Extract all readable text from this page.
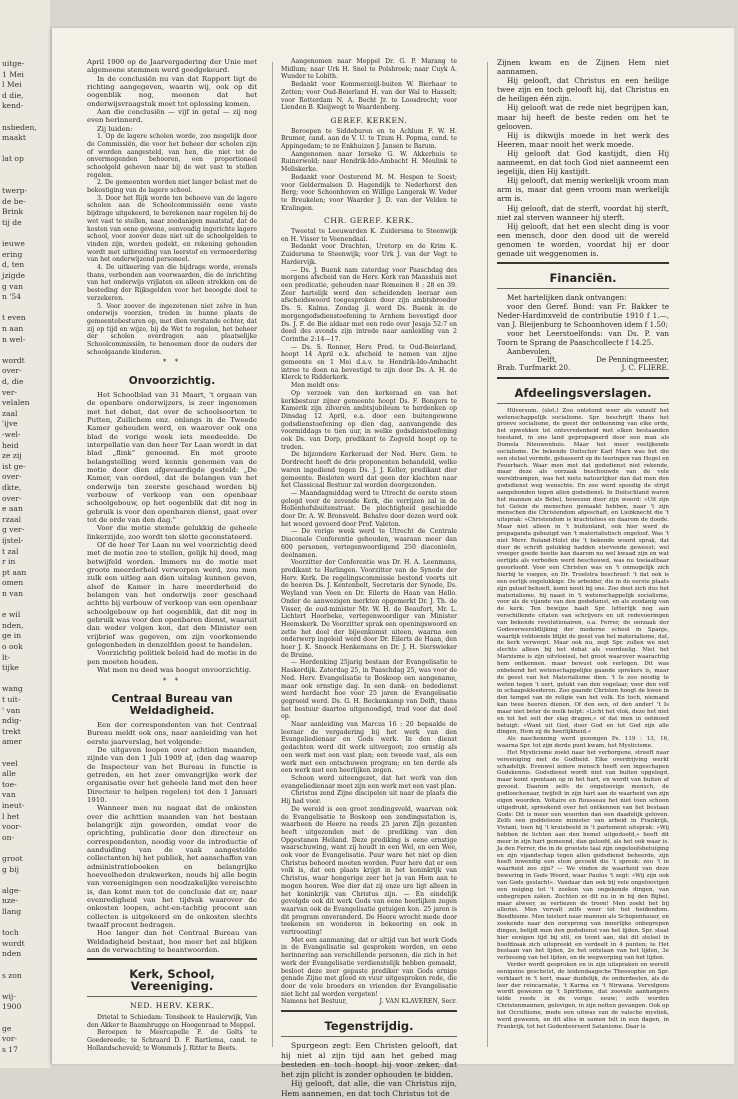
uitge-
1 Mei
l Mei
d die,
kend-
nsbeden,
maakt
lat op
twerp-
de be-
Brink
tij de
ieuwe
ering
d, ten
jzigde
g van
n '54
t even
n aan
n wel-
wordt
over-
d, die
ver-
velalen
zaal
'ijve
-wel-
heid
ze zij
ist ge-
over-
dkte,
over-
e aan
rzaal
g ver-
ijstel-
t zal
r in
pt aan
omen
n van
e wil
nden,
ge in
o ook
lt-
tijke
wang
t uit-
' van
ndig-
trekt
amer
veel
alle
toe-
van
ineut-
l het
voor-
on-
groot
g bij
alge-
nze-
llang
toch
wordt
nden
s zon
wij-
1900
ge
vor-
s 17

April 1900 op de Jaarvergadering der Unie met algemeene stemmen werd goedgekeurd.

In de conclusiën nu van dat Rapport ligt de richting aangegeven, waarin wij, ook op dit oogenblik nog, meenen dat het onderwijsvraagstuk moet tot oplossing komen.

Aan die conclusiën — vijf in getal — zij nog even herinnerd.

Zij luiden:

1. Op de lagere scholen worde, zoo mogelijk door de Commissiën, die voor het beheer der scholen zijn of worden aangesteld, van hen, die niet tot de onvermogenden behooren, een proportioneel schoolgeld geheven naar bij de wet vast te stellen regelen.

2. De gemeenten worden niet langer belast met de bekostiging van de lagere school.

3. Door het Rijk worde ten behoeve van de lagere scholen aan de Schoolcommissiën eene vaste bijdrage uitgekeerd, te berekenen naar regelen bij de wet vast te stellen, naar zoodanigen maatstaf, dat de kosten van eene gewone, eenvoudig ingerichte lagere school, voor zoover deze niet uit de schoolgelden te vinden zijn, worden gedekt, en rekening gehouden wordt met uitbreiding van leerstof en vermeerdering van het onderwijzend personeel.

4. De uitkeering van die bijdrage worde, evenals thans, verbonden aan voorwaarden, die de inrichting van het onderwijs vrijlaten en alleen strekken om de besteding der Rijksgelden voor het beoogde doel te verzekeren.

5. Voor zoover de ingezetenen niet zelve in hun onderwijs voorzien, treden in hunne plaats de gemeentebesturen op, met dien verstande echter, dat zij op tijd en wijze, bij de Wet te regelen, het beheer der scholen overdragen aan plaatselijke Schoolcommissiën, te benoemen door de ouders der schoolgaande kinderen.

* *
Onvoorzichtig.

Het Schoolblad van 31 Maart, 't orgaan van de openbare onderwijzers, is zeer ingenomen met het debat, dat over de schoolsoorten te Putten, Zuilichem enz. onlangs in de Tweede Kamer gehouden werd, en waarover ook ons blad de vorige week iets meedeelde. De interpellatie van den heer Ter Laan wordt in dat blad „flink” genoemd. En met groote belangstelling werd kennis genomen van de motie door dien afgevaardigde gesteld: „De Kamer, van oordeel, dat de belangen van het onderwijs ten zeerste geschaad worden bij verbouw of verkoop van een openbaar schoolgebouw, op het oogenblik dat dit nog in gebruik is voor den openbaren dienst, gaat over tot de orde van den dag.”

Voor die motie stemde gelukkig de geheele linkerzijde, zoo wordt ten slotte geconstateerd.

Of de heer Ter Laan nu wel voorzichtig deed met de motie zoo te stellen, gelijk hij deed, mag betwijfeld worden. Immers nu de motie met groote meerderheid verworpen werd, zou men zulk een uitleg aan dien uitslag kunnen geven, alsof de Kamer in hare meerderheid de belangen van het onderwijs zeer geschaad achtte bij verbouw of verkoop van een openbaar schoolgebouw op het oogenblik, dat dit nog in gebruik was voor den openbaren dienst, waaruit dan weder volgen kon, dat den Minister een vrijbrief was gegeven, om zijn voorkomende gelegenheden in denzelfden geest te handelen.

Voorzichtig politiek beleid had de motie in de pen moeten houden.

Wat men nu deed was hoogst onvoorzichtig.

* *
Centraal Bureau van Weldadigheid.

Een der correspondenten van het Centraal Bureau meldt ook ons, naar aanleiding van het eerste jaarverslag, het volgende:

De uitgaven loopen over achtien maanden, zijnde van den 1 Juli 1909 af, (den dag waarop de Inspecteur van het Bureau in functie is getreden, en het zeer omvangrijke werk der organisatie over het geheele land met den heer Directeur te helpen regelen) tot den 1 Januari 1910.

Wanneer men nu nagaat dat de onkosten over die achttien maanden van het bestaan belangrijk zijn geworden, omdat voor de oprichting, publicatie door den directeur en correspondenten, noodig voor de introductie of aanduiding van de vaak aangestelde collectanten bij het publiek, het aanschaffen van administratieboeken en belangrijke hoeveelheden drukwerken, nouds bij alle begin van vereenigingen een noodzakelijke vereischte is, dan komt men tot de conclusie dat er, naar evenredigheid van het tijdvak waarover de onkosten loopen, acht-en-tachtig procent aan collecten is uitgekeerd en de onkosten slechts twaalf procent bedragen.

Hoe langer dan het Centraal Bureau van Weldadigheid bestaat, hoe meer het zal blijken aan de verwachting te beantwoorden.

Kerk, School, Vereeniging.
NED. HERV. KERK.

Drietal te Schiedam: Tonsbeek te Haulerwijk, Van den Akker te Baambrugge en Hoogenraad te Meppel.

Beroepen te Meercapelle F. de Golts te Goedereede; te Schraard D. F. Bartlema, cand. te Hollandscheveld; te Wommels J. Ritter te Beets.

Aangenomen naar Meppel Dr. G. P. Marang te Midlum; naar Urk H. Snel te Polsbroek; naar Cuyk A. Wunder te Lobith.

Bedankt voor Kommerzeijl-buiten W. Bierhaar te Zetten; voor Oud-Beierland H. van der Wal te Hasselt; voor Rotterdam N. A. Becht Jr. te Loosdrecht; voor Lienden B. Kleijwegt te Waardenberg.

GEREF. KERKEN.

Beroepen te Siddeburen en te Achlum F. W. H. Brumer, cand. aan de V. U. te Tzum H. Popma, cand. te Appingedam; te ze Enkhuizen J. Jansen te Barum.

Aangenomen naar Ierseke G. W. Akkerhuis te Ruinerwold; naar Hendrik-Ido-Ambacht H. Meulink te Meliskerke.

Bedankt voor Oosterend M. M. Hespen te Soest; voor Geldermalsen D. Hagendijk te Nederhorst den Berg; voor Schoonhoven en Willige Langerak W. Veder te Breukelen; voor Waarder J. D. van der Velden te Kralingen.

CHR. GEREF. KERK.

Tweetal te Leeuwarden K. Zuidersma te Steenwijk en H. Visser te Veenendaal.

Bedankt voor Drachten, Uretorp en de Krim K. Zuidersma te Steenwijk; voor Urk J. van der Vegt te Hardervijk.

— Ds. J. Buenk nam zaterdag voor Paaschdag des morgens afscheid van de Herv. Kerk van Maassluis met een predicatie, gehouden naar Romeinen 8 : 28 en 39. Zeer hartelijk werd den scheidenden leeraar een afscheidswoord toegesproken door zijn ambtsbroeder Ds. S. Kalma. Zondag jl. werd Ds. Buenk in de morgengodsdienstoefening te Arnhem bevestigd door Ds. J. F. de Bie aldaar met een rede over Jesaja 52:7 en deed des avonds zijn intrede naar aanleiding van 2 Corinthe 2:14—17.

— Ds. S. Ronner, Herv. Pred. te Oud-Beierland, hoopt 14 April e.k. afscheid te nemen van zijne gemeente en 1 Mei d.a.v. te Hendrik-Ido-Ambacht intree te doen na bevestigd te zijn door Ds. A. H. de Klerck te Ridderkerk.

Men meldt ons:

Op verzoek van den kerkeraad en van het kerkbestuur zijner gemeente hoopt Ds. F. Bongers te Kamerik zijn zilveren ambtsjubileum te herdenken op Dinsdag 12 April, e.a. door een buitengewone godsdienstoefening op dien dag, aanvangende des voormiddags te tien uur, in welke godsdienstoefening ook Ds. van Dorp, predikant te Zegveld hoopt op te treden.

De bijzondere Kerkeraad der Ned. Herv. Gem. te Dordrecht heeft de drie proponenten behandeld, welke waren ingediend tegen Ds. J. J. Keller, predikant dier gemeente. Besloten werd dat geen der klachten naar het Classicaal Bestuur zal worden doorgezonden.

— Maandagmiddag werd te Utrecht de eerste steen gelegd voor de zevende Kerk, die verrijzen zal in de Hollenhofsbuitenstraat. De plechtigheid geschiedde door Dr. A. W. Bronsveld. Behalve door dezen werd ook het woord gevoerd door Prof. Valeton.

— De vorige week werd te Utrecht de Centrale Diaconale Conferentie gehouden, waaraan meer dan 600 personen, vertegenwoordigend 250 diaconieën, deelnamen.

Voorzitter der Conferentie was Dr. H. A. Leenmans, predikant te Harlingen. Voorzitter van de Synode der Herv. Kerk. De regelingscommissie bestond voorts uit de heeren Ds. J. Kentenbelt, Secretaris der Synode, Ds. Weyland van Veen en Dr. Eilerts de Haan van Hello. Onder de aanwezigen merkten opgemerkt Dr. J. Th. de Visser, de oud-minister Mr. W. H. de Beaufort, Mr. L. Lichtert Hoorbeke, vertegenwoordiger van Minister Heemskerk. De Voorzitter sprak een openingswoord en zette het doel der bijeenkomst uiteen, waarna een onderwerp ingeleid werd door Dr. Eilerts de Haan, den heer J. K. Snoeck Henkemans en Dr. J. H. Sierswieker de Bruine.

— Herdenking 25jarig bestaan der Evangelisatie te Haskerdijk. Zaterdag 25, in Paaschdag 25, was voor de Ned. Herv. Evangelisatie te Boskoop een aangename, maar ook ernstige dag. In een dank- en bededienst werd herdacht hoe voor 25 jaren de Evangelisatie gegroeid werd. Ds. G. H. Beckenkamp van Delft, thans het bestuur daartoe uitgenoodigd, trad voor dat doel op.

Naar aanleiding van Marcus 16 : 20 bepaalde de leeraar de vergadering bij het werk van den Evangeliedienaar en Gods werk. In den dienst gedachten werd dit werk uitvergoot; zoo ernstig als een werk met een vast plan; een tweede vast, als een werk met een ontschuwen program; en ten derde als een werk met een heerlijken zegen.

Schoon werd uiteengezet, dat het werk van den evangeliedienaar moet zijn een werk met een vast plan.

Christus zend Zijne discipelen uit naar de plaats die Hij had voor.

De wereld is een groot zendingsveld, waarvan ook de Evangelisatie te Boskoop een zendingsstation is, waarheen de Heere na reeds 25 jaren Zijn gezanten heeft uitgezonden met de prediking van den Opgestanen Heiland. Deze prediking is eene ernstige waarschuwing, want zij houdt in een Wel, en een Wee, ook voor de Evangelisatie. Puur ware het niet op dien Christus behoord moeten worden. Puur here dat er een volk is, dat een plaats krijgt in het koninkrijk van Christus, waar hongerige zeer het ja van Hem aan te mogen hooren. Wee dier dat zij onze ure ligt alleen in het koninkrijk van Christus zijn. — En eindelijk gevolgde ook dit werk Gods van eene heerlijken zegen waarvan ook de Evangelisatie getuigen kon. 25 jaren is dit program onveranderd. De Heere wrocht mede door teekenen en wonderen in bekeering en ook in vertroosting!

Met een aanmaning, dat er altijd van het werk Gods in de Evangelisatie sal gesproken worden, en eene herinnering aan verschillende personen, die zich in het werk der Evangelisatie verdienstelijk hebben gemaakt, besloot deze zeer gepaste prediker van Gods ernige genade Zijne met gloed en vuur uitgesproken rede, die door de vele broeders en vrienden der Evangelisatie niet licht zal worden vergeten!

Namens het Bestuur,	J. VAN KLAVEREN, Secr.
Tegenstrijdig.

Spurgeon zegt: Een Christen gelooft, dat hij niet al zijn tijd aan het gebed mag besteden en toch hoopt hij voor zeker, dat het zijn plicht is zonder ophouden te bidden.

Hij gelooft, dat alle, die van Christus zijn, Hem aannemen, en dat toch Christus tot de

Zijnen kwam en de Zijnen Hem niet aannamen.

Hij gelooft, dat Christus en een heilige twee zijn en toch gelooft hij, dat Christus en de heiligen één zijn.

Hij gelooft wat de rede niet begrijpen kan, maar hij heeft de beste reden om het te gelooven.

Hij is dikwijls moede in het werk des Heeren, maar nooit het werk moede.

Hij gelooft dat God kastijdt, dien Hij aanneemt, en dat toch God niet aanneemt een iegelijk, dien Hij kastijdt.

Hij gelooft, dat menig werkelijk vroom man arm is, maar dat geen vroom man werkelijk arm is.

Hij gelooft, dat de sterft, voordat hij sterft, niet zal sterven wanneer hij sterft.

Hij gelooft, dat het een slecht ding is voor een mensch, door den dood uit de wereld genomen te worden, voordat hij er door genade uit weggenomen is.

Financiën.

Met hartelijken dank ontvangen:

voor den Geref. Bond: van Fr. Bakker te Neder-Hardinxveld de contributie 1910 f 1.—, van J. Bleijenburg te Schoonhoven idem f 1.50;

voor het Leerstoelfonds: van Ds. P. van Toorn te Sprang de Paaschcollecte f 14.25.

Aanbevolen,

Delft,	De Penningmeester,
Brab. Turfmarkt 20.	J. C. FLIERE.
Afdeelingsverslagen.

Hilversum. (slot.) Zoo ontstond weer als vanzelf het wetenschappelijk socialisme. Spr. beschrijft thans het groeve socialisme, de geest der ontkenning van elke orde, het opwekken tot ontevredenheid met elken bestaanden toestand, in ons land gepropageerd door een man als Domela Nieuwenhuis. Maar het meer veelijkende socialisme. De bekende Duitscher Karl Marx was het die een stelsel vormde, gebaseerd op de leeringen van Hegel en Feuerbach. Waar men met dat godsdienst niet rekende, maar deze als oorzaak beschouwde van de vele wereldrampen, was het niets natuurlijker dan dat men den godsdienst weg wenschte. En zoo werd spoedig de strijd aangebonden tegen allen godsdienst. In Duitschland waren het mannen als Bebel, bewezen door zijn woord: »Uit zijn tot Gelein de menschen gemaakt hebben, naar 't zijn menschen die Christendom afgeschaft, en Liebknecht die 't uitsprak: »Christendom is krachteloos en daarom de doode. Maar niet alleen in 't buitenland, ook hier werd de propaganda gebezigd van 't materialistisch ongeloof. Was 't niet Mevr. Roland-Holst die 't bekende woord sprak, dat door de schrift gelukkig hadden stervende geweest; wel vroeger goede heette kan daarom nu wel kwaad zijn en wat eertijds als verboden werd beschouwd, was nu toelaatbaar geoorloofd. Voor een Christen was en 't onmogelijk zich hierbij te voegen, en Dr. Troelstra beschreef: 't dat ook is een eerlijk ongelukkige. De arbeider, die in de eerste plaats zijn geloof behoeft, komt nooit bij ons. Zoo doet zich dus het materialisme, hij naast in 't wetenschappelijk socialisme, voor als de vijande van den godsdienst, en als zoodanig van de kerk. Ten bewijze haalt Spr. letterlijk nog aan verschillende citaten van schrijvers en uit redevoeringen van bekende revolutionairen, o.a. Ferrer, de oorzaak der Godsverwereldlijking der moderne school in Spanje, waarlijk voldoende blijkt de geest van het materialisme, dat, de kerk verwerpt. Maar ook nu, zegt Spr. zullen we niet slechts alleen bij het debat als voordeelig. Niet het Marxisme is zijn uitvloeisel, het groot waarover waarachtig hem ontkennen. maar bewust ook verlogen. Dit was onbekend het wetenschappelijke gaande sprekers is, maar de geest van het Materialisme dien. 't Is zoo noodig te weten tegen 't eert, gelukt van den vogelaar, voor den volf in schaapskleederen. Zoo gaande Christen hoogt de kwee in den tempel van de religie van het volk. En toch, niemand kan twee heeren dienen. Of den een, of den ander! 't Is maar niet beter de melk helpt: »Licht het vlok, deze het niet en tot het seit der slag dragen,« of dat men in ootmoed betuigt: »Want uit God, door God en tot God zijn alle dingen, Hem zij de heerlijkheid.«

Als naschenning werd gezongen Ps. 119 : 13, 16, waarna Spr. tot zijn derde punt kwam, het Mysticisme.

Het Mysticisme zoekt naar het verborgene, streeft naar vereeniging met de Godheid. Elke overdrijving werkt schadelijk. Evenwel iedere mensch heeft een ingeschapen Godskennis. Godsdienst wordt niet van buiten opgelegd, maar komt spontaan op in het hart, en wordt van buiten af gevoed. Daarom zelfs de ongeloovige mensch, de godloochenaar, twijfelt in zijn hart aan de waarheid van zijn eigen woorden. Voltaire en Rousseau het niet toen schoon uitgedrukt, spreekend over het ontkennen van het bestaan Gods: Dit is meer een woorden dan een daadelijk geloven. Zelfs een goddelooze minister van arbeid in Frankrijk, Viviani, toen hij 't kruisbeeld in 't parlement uitsprak: »Wij hebben de lichten aan den hemel uitgedoofd,« heeft dit meer in zijn hart gemeend, dan geloofd, als het ook waar is. Ja den Ferrer, die in de grootste taal zijn ongeloofsbetuiging en zijn vijandschap tegen allen godsdienst beheerde, zijn heeft inwendig een stem gevoeld die 't spreek: zou 't in waarheid zoo zijn? — We vinden de waarheid van deze bewering in Gods Woord, waar Paulus 't zegt: »Wij zijn ook van Gods geslacht«. Vandaar dan ook bij vele ongeloovigen een neiging tot 't zoeken van ongekende dingen, van onbegrepen zaken. Zochten ze dit nu in in bij den Bijbel, maar alweer, ze verliezen de troon! Men zoekt het bij alleriei. Men vervalt zelfs weer tot het heidendom. Boedhisme. Men luistert naar mannen als Schopenhauer, en zoekende naar den oorsprong van innerlijke onbegrepen dingen, belijdt men den godsdienst van het lijden. Spr. staat hier eenigen tijd bij stil, en toont aan, dat dit stelsel in hoofdzaak zich uitspreekt en verdeelt in 4 punten; te Het bestaan van het lijden, 2e het ontstaan van het lijden, 3e verlossing van het lijden, en de wegwerping van het lijden.

Verder wordt gesproken en in zijn uitspraken en wereld eenigeins geschetst, de leidendaagsche Theosophie en Spr. verklaart in 't kort, maar duidelijk, de onderdeelen, als de leer der reincarnatie, 't Karma en 't Nirwana. Vervolgens wordt gewezen op 't Spiritisme, dat zoovele aanhangers telde reeds in de vorige eeuw; zelfs worden Christenmannen, gelovigen, in zijn netten gevangen. Ook op het Occultisme, mede een uitwas van de valsche mystiek, werd gewezen, en dit alles in samen telt in een dagen, in Frankrijk, tot het Godenteereerd Satanisme. Daar is
